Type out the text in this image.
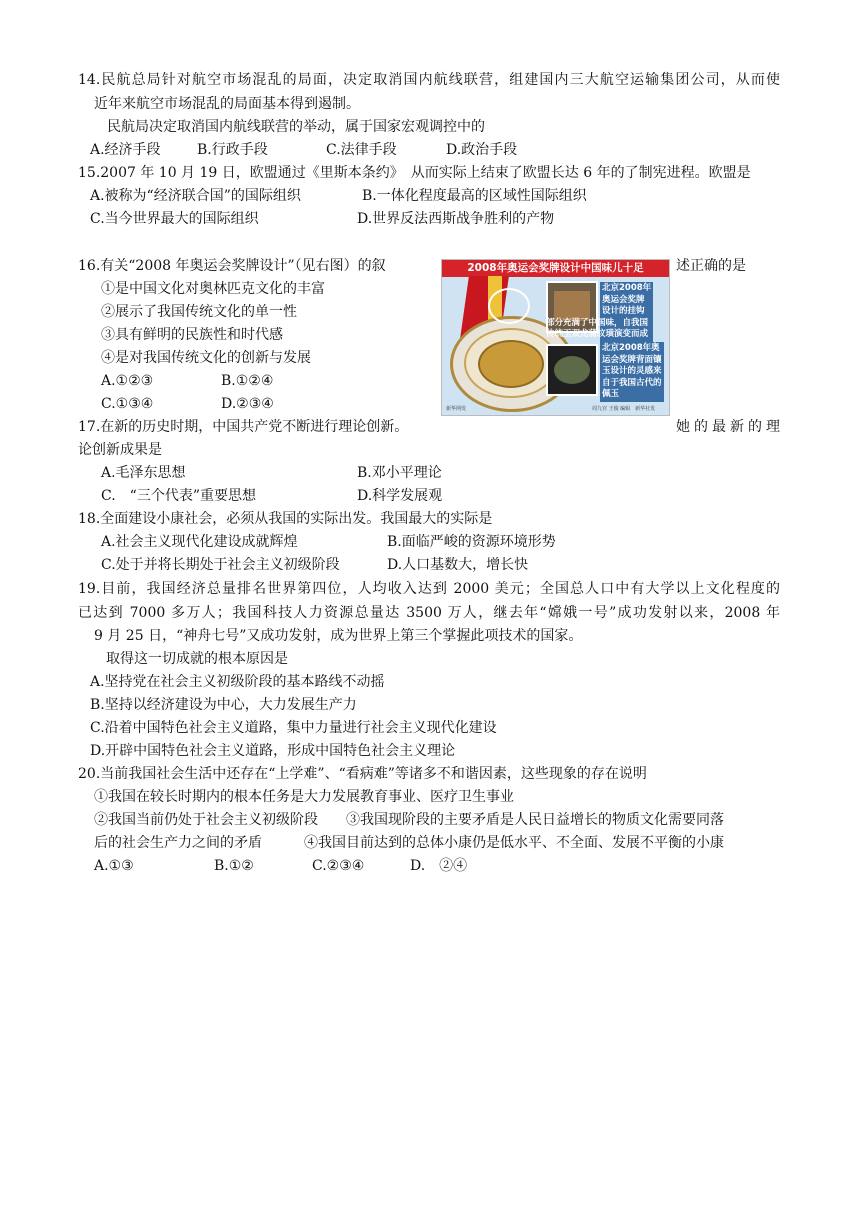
14.民航总局针对航空市场混乱的局面，决定取消国内航线联营，组建国内三大航空运输集团公司，从而使
近年来航空市场混乱的局面基本得到遏制。
民航局决定取消国内航线联营的举动，属于国家宏观调控中的
A.经济手段	B.行政手段	C.法律手段	D.政治手段
15.2007 年 10 月 19 日，欧盟通过《里斯本条约》　从而实际上结束了欧盟长达 6 年的了制宪进程。欧盟是
A.被称为“经济联合国”的国际组织	B.一体化程度最高的区域性国际组织
C.当今世界最大的国际组织	D.世界反法西斯战争胜利的产物
16.有关“2008 年奥运会奖牌设计”（见右图）的叙	述正确的是
①是中国文化对奥林匹克文化的丰富
②展示了我国传统文化的单一性
③具有鲜明的民族性和时代感
④是对我国传统文化的创新与发展
A.①②③	B.①②④
C.①③④	D.②③④
2008年奥运会奖牌设计中国味儿十足
北京2008年
奥运会奖牌
设计的挂钩
部分充满了中国味，自我国
传统玉双龙蒲纹璜演变而成
北京2008年奥
运会奖牌背面镶
玉设计的灵感来
自于我国古代的
佩玉
新华网发	周九宫 王俊 编辑　新华社发
17.在新的历史时期，中国共产党不断进行理论创新。	她的最新的理
论创新成果是
A.毛泽东思想	B.邓小平理论
C.　“三个代表”重要思想	D.科学发展观
18.全面建设小康社会，必须从我国的实际出发。我国最大的实际是
A.社会主义现代化建设成就辉煌	B.面临严峻的资源环境形势
C.处于并将长期处于社会主义初级阶段	D.人口基数大，增长快
19.目前，我国经济总量排名世界第四位，人均收入达到 2000 美元；全国总人口中有大学以上文化程度的
已达到 7000 多万人；我国科技人力资源总量达 3500 万人，继去年“嫦娥一号”成功发射以来，2008 年
9 月 25 日，“神舟七号”又成功发射，成为世界上第三个掌握此项技术的国家。
取得这一切成就的根本原因是
A.坚持党在社会主义初级阶段的基本路线不动摇
B.坚持以经济建设为中心，大力发展生产力
C.沿着中国特色社会主义道路，集中力量进行社会主义现代化建设
D.开辟中国特色社会主义道路，形成中国特色社会主义理论
20.当前我国社会生活中还存在“上学难”、“看病难”等诸多不和谐因素，这些现象的存在说明
①我国在较长时期内的根本任务是大力发展教育事业、医疗卫生事业
②我国当前仍处于社会主义初级阶段　　③我国现阶段的主要矛盾是人民日益增长的物质文化需要同落
后的社会生产力之间的矛盾　　　④我国目前达到的总体小康仍是低水平、不全面、发展不平衡的小康
A.①③	B.①②	C.②③④	D.　②④
